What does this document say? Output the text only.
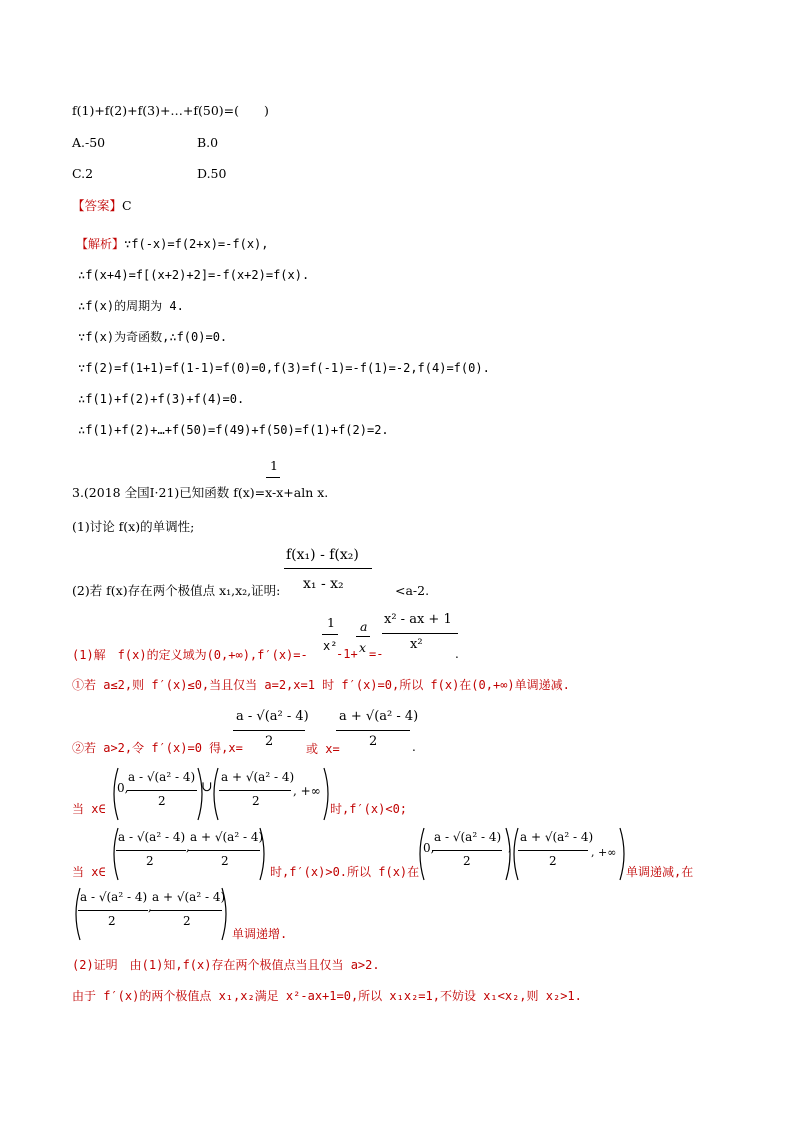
f(1)+f(2)+f(3)+…+f(50)=(　　)
A.-50	B.0
C.2	D.50
【答案】C
【解析】∵f(-x)=f(2+x)=-f(x),
∴f(x+4)=f[(x+2)+2]=-f(x+2)=f(x).
∴f(x)的周期为 4.
∵f(x)为奇函数,∴f(0)=0.
∵f(2)=f(1+1)=f(1-1)=f(0)=0,f(3)=f(-1)=-f(1)=-2,f(4)=f(0).
∴f(1)+f(2)+f(3)+f(4)=0.
∴f(1)+f(2)+…+f(50)=f(49)+f(50)=f(1)+f(2)=2.
1
3.(2018 全国Ⅰ·21)已知函数 f(x)=x-x+aln x.
(1)讨论 f(x)的单调性;
f(x₁) - f(x₂)
(2)若 f(x)存在两个极值点 x₁,x₂,证明: x₁ - x₂	<a-2.
1 a x² - ax + 1
x²
(1)解　f(x)的定义域为(0,+∞),f′(x)=-
x²
-1+ x =-	.
①若 a≤2,则 f′(x)≤0,当且仅当 a=2,x=1 时 f′(x)=0,所以 f(x)在(0,+∞)单调递减.
a - √(a² - 4)
2
a + √(a² - 4)
2
②若 a>2,令 f′(x)=0 得,x=	或 x=	.
0,
a - √(a² - 4)
2
∪
a + √(a² - 4)
2
, +∞
当 x∈	时,f′(x)<0;
a - √(a² - 4)
2
,
a + √(a² - 4)
2
当 x∈	时,f′(x)>0.所以 f(x)在
0,
a - √(a² - 4)
2
,
a + √(a² - 4)
2
, +∞
单调递减,在
a - √(a² - 4)
2
,
a + √(a² - 4)
2
单调递增.
(2)证明　由(1)知,f(x)存在两个极值点当且仅当 a>2.
由于 f′(x)的两个极值点 x₁,x₂满足 x²-ax+1=0,所以 x₁x₂=1,不妨设 x₁<x₂,则 x₂>1.
